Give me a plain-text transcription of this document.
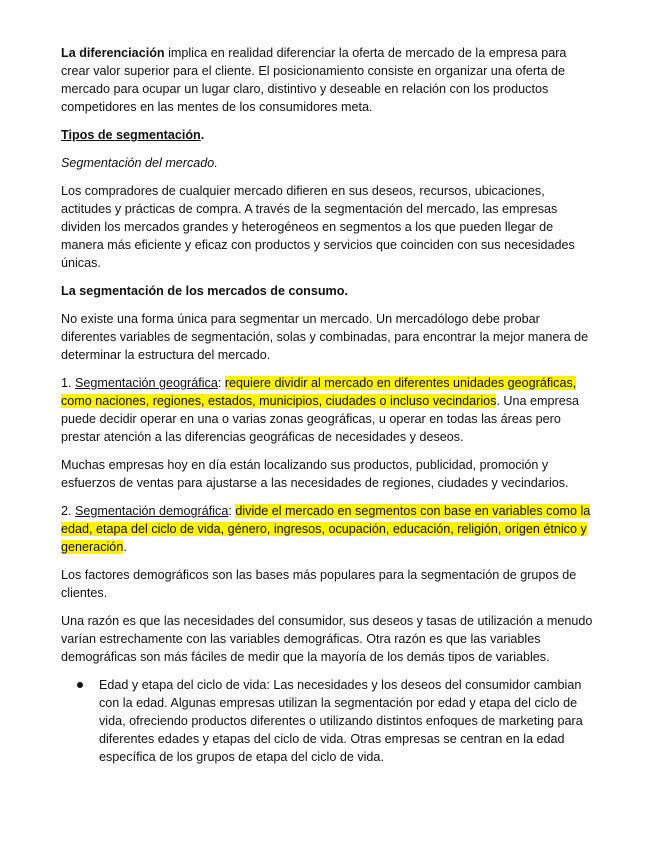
La diferenciación implica en realidad diferenciar la oferta de mercado de la empresa para crear valor superior para el cliente. El posicionamiento consiste en organizar una oferta de mercado para ocupar un lugar claro, distintivo y deseable en relación con los productos competidores en las mentes de los consumidores meta.

Tipos de segmentación.

Segmentación del mercado.

Los compradores de cualquier mercado difieren en sus deseos, recursos, ubicaciones, actitudes y prácticas de compra. A través de la segmentación del mercado, las empresas dividen los mercados grandes y heterogéneos en segmentos a los que pueden llegar de manera más eficiente y eficaz con productos y servicios que coinciden con sus necesidades únicas.

La segmentación de los mercados de consumo.

No existe una forma única para segmentar un mercado. Un mercadólogo debe probar diferentes variables de segmentación, solas y combinadas, para encontrar la mejor manera de determinar la estructura del mercado.

1. Segmentación geográfica: requiere dividir al mercado en diferentes unidades geográficas, como naciones, regiones, estados, municipios, ciudades o incluso vecindarios. Una empresa puede decidir operar en una o varias zonas geográficas, u operar en todas las áreas pero prestar atención a las diferencias geográficas de necesidades y deseos.

Muchas empresas hoy en día están localizando sus productos, publicidad, promoción y esfuerzos de ventas para ajustarse a las necesidades de regiones, ciudades y vecindarios.

2. Segmentación demográfica: divide el mercado en segmentos con base en variables como la edad, etapa del ciclo de vida, género, ingresos, ocupación, educación, religión, origen étnico y generación.

Los factores demográficos son las bases más populares para la segmentación de grupos de clientes.

Una razón es que las necesidades del consumidor, sus deseos y tasas de utilización a menudo varían estrechamente con las variables demográficas. Otra razón es que las variables demográficas son más fáciles de medir que la mayoría de los demás tipos de variables.

Edad y etapa del ciclo de vida: Las necesidades y los deseos del consumidor cambian con la edad. Algunas empresas utilizan la segmentación por edad y etapa del ciclo de vida, ofreciendo productos diferentes o utilizando distintos enfoques de marketing para diferentes edades y etapas del ciclo de vida. Otras empresas se centran en la edad específica de los grupos de etapa del ciclo de vida.
